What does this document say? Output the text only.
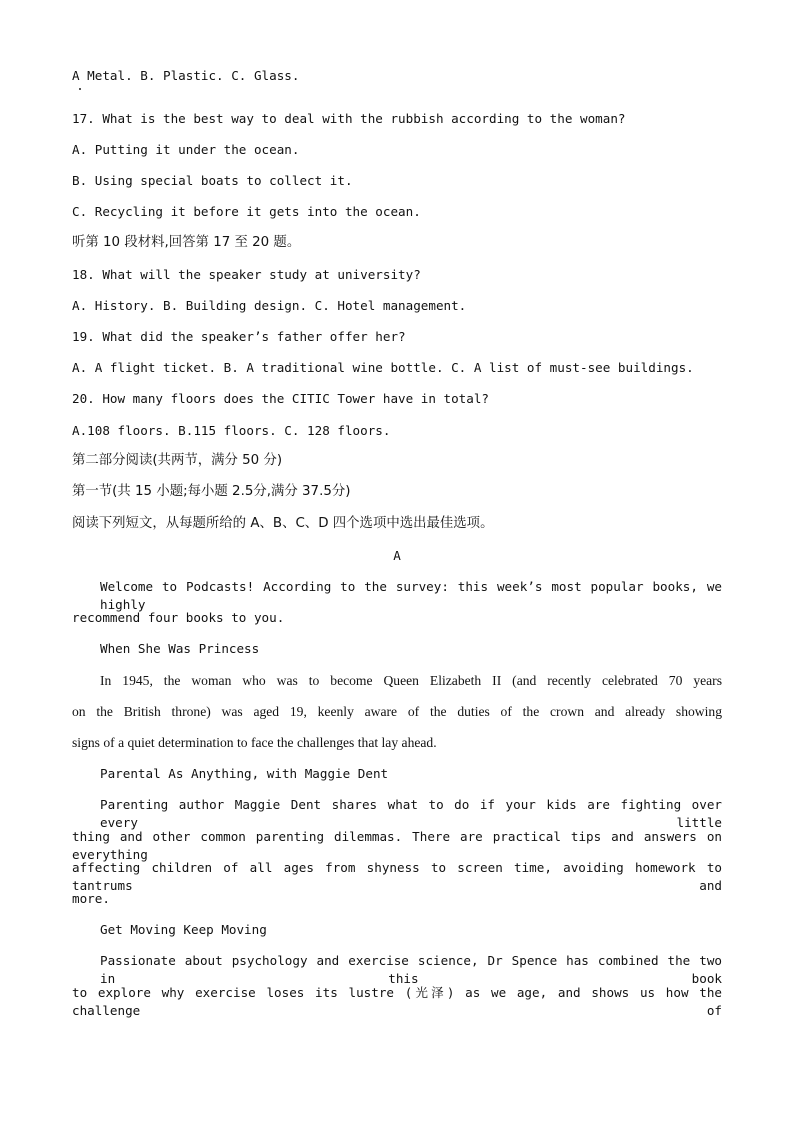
A Metal. B. Plastic. C. Glass.
17. What is the best way to deal with the rubbish according to the woman?
A. Putting it under the ocean.
B. Using special boats to collect it.
C. Recycling it before it gets into the ocean.
听第 10 段材料,回答第 17 至 20 题。
18. What will the speaker study at university?
A. History. B. Building design. C. Hotel management.
19. What did the speaker’s father offer her?
A. A flight ticket. B. A traditional wine bottle. C. A list of must-see buildings.
20. How many floors does the CITIC Tower have in total?
A.108 floors. B.115 floors. C. 128 floors.
第二部分阅读(共两节，满分 50 分)
第一节(共 15 小题;每小题 2.5分,满分 37.5分)
阅读下列短文，从每题所给的 A、B、C、D 四个选项中选出最佳选项。
A
Welcome to Podcasts! According to the survey: this week’s most popular books, we highly
recommend four books to you.
When She Was Princess
In 1945, the woman who was to become Queen Elizabeth II (and recently celebrated 70 years
on the British throne) was aged 19, keenly aware of the duties of the crown and already showing
signs of a quiet determination to face the challenges that lay ahead.
Parental As Anything, with Maggie Dent
Parenting author Maggie Dent shares what to do if your kids are fighting over every little
thing and other common parenting dilemmas. There are practical tips and answers on everything
affecting children of all ages from shyness to screen time, avoiding homework to tantrums and
more.
Get Moving Keep Moving
Passionate about psychology and exercise science, Dr Spence has combined the two in this book
to explore why exercise loses its lustre (光泽) as we age, and shows us how the challenge of
